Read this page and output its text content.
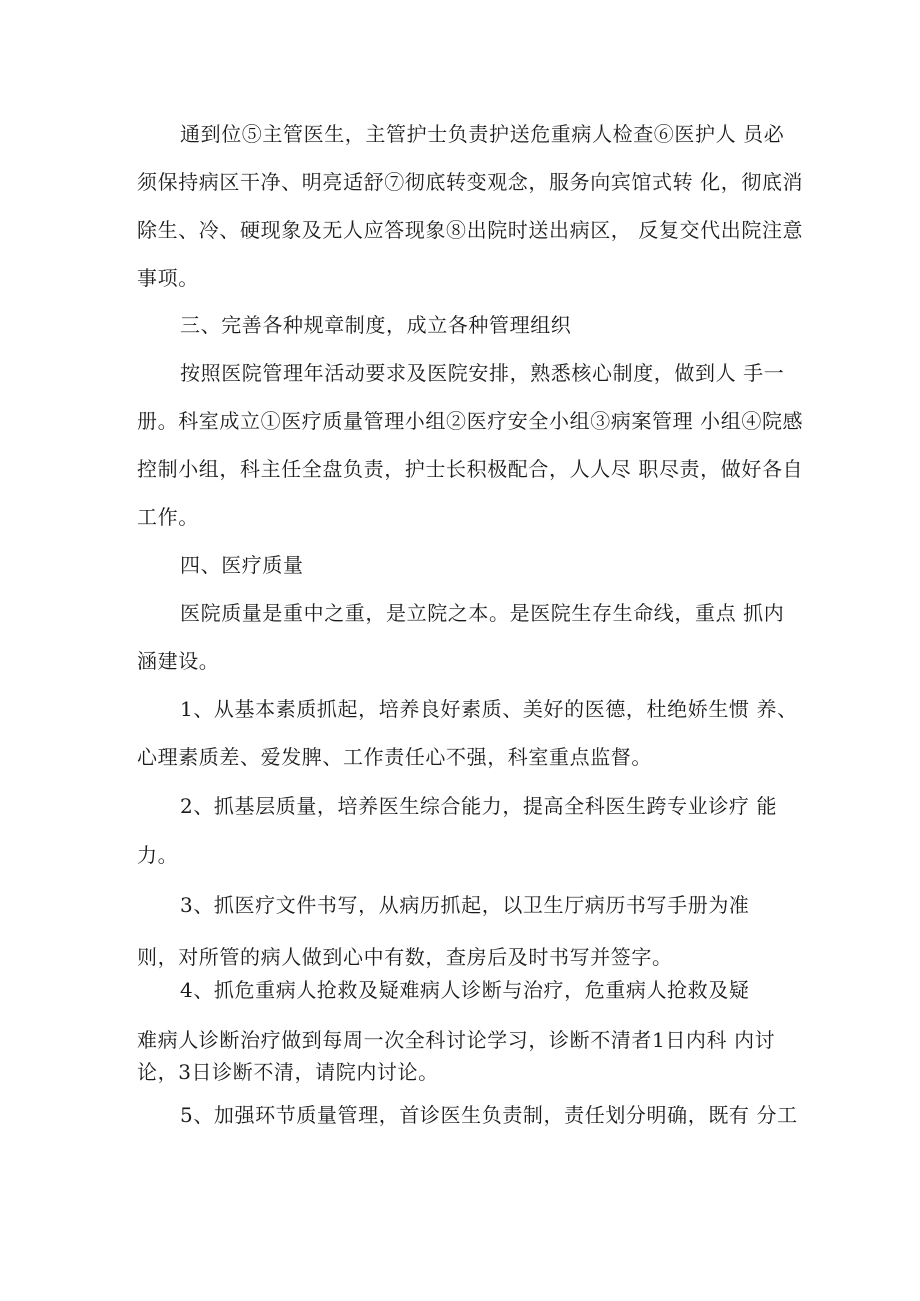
通到位⑤主管医生，主管护士负责护送危重病人检查⑥医护人 员必
须保持病区干净、明亮适舒⑦彻底转变观念，服务向宾馆式转 化，彻底消
除生、冷、硬现象及无人应答现象⑧出院时送出病区， 反复交代出院注意
事项。
三、完善各种规章制度，成立各种管理组织
按照医院管理年活动要求及医院安排，熟悉核心制度，做到人 手一
册。科室成立①医疗质量管理小组②医疗安全小组③病案管理 小组④院感
控制小组，科主任全盘负责，护士长积极配合，人人尽 职尽责，做好各自
工作。
四、医疗质量
医院质量是重中之重，是立院之本。是医院生存生命线，重点 抓内
涵建设。
1、从基本素质抓起，培养良好素质、美好的医德，杜绝娇生惯 养、
心理素质差、爱发脾、工作责任心不强，科室重点监督。
2、抓基层质量，培养医生综合能力，提高全科医生跨专业诊疗 能
力。
3、抓医疗文件书写，从病历抓起，以卫生厅病历书写手册为准
则，对所管的病人做到心中有数，查房后及时书写并签字。
4、抓危重病人抢救及疑难病人诊断与治疗，危重病人抢救及疑
难病人诊断治疗做到每周一次全科讨论学习，诊断不清者1日内科 内讨
论，3日诊断不清，请院内讨论。
5、加强环节质量管理，首诊医生负责制，责任划分明确，既有 分工
